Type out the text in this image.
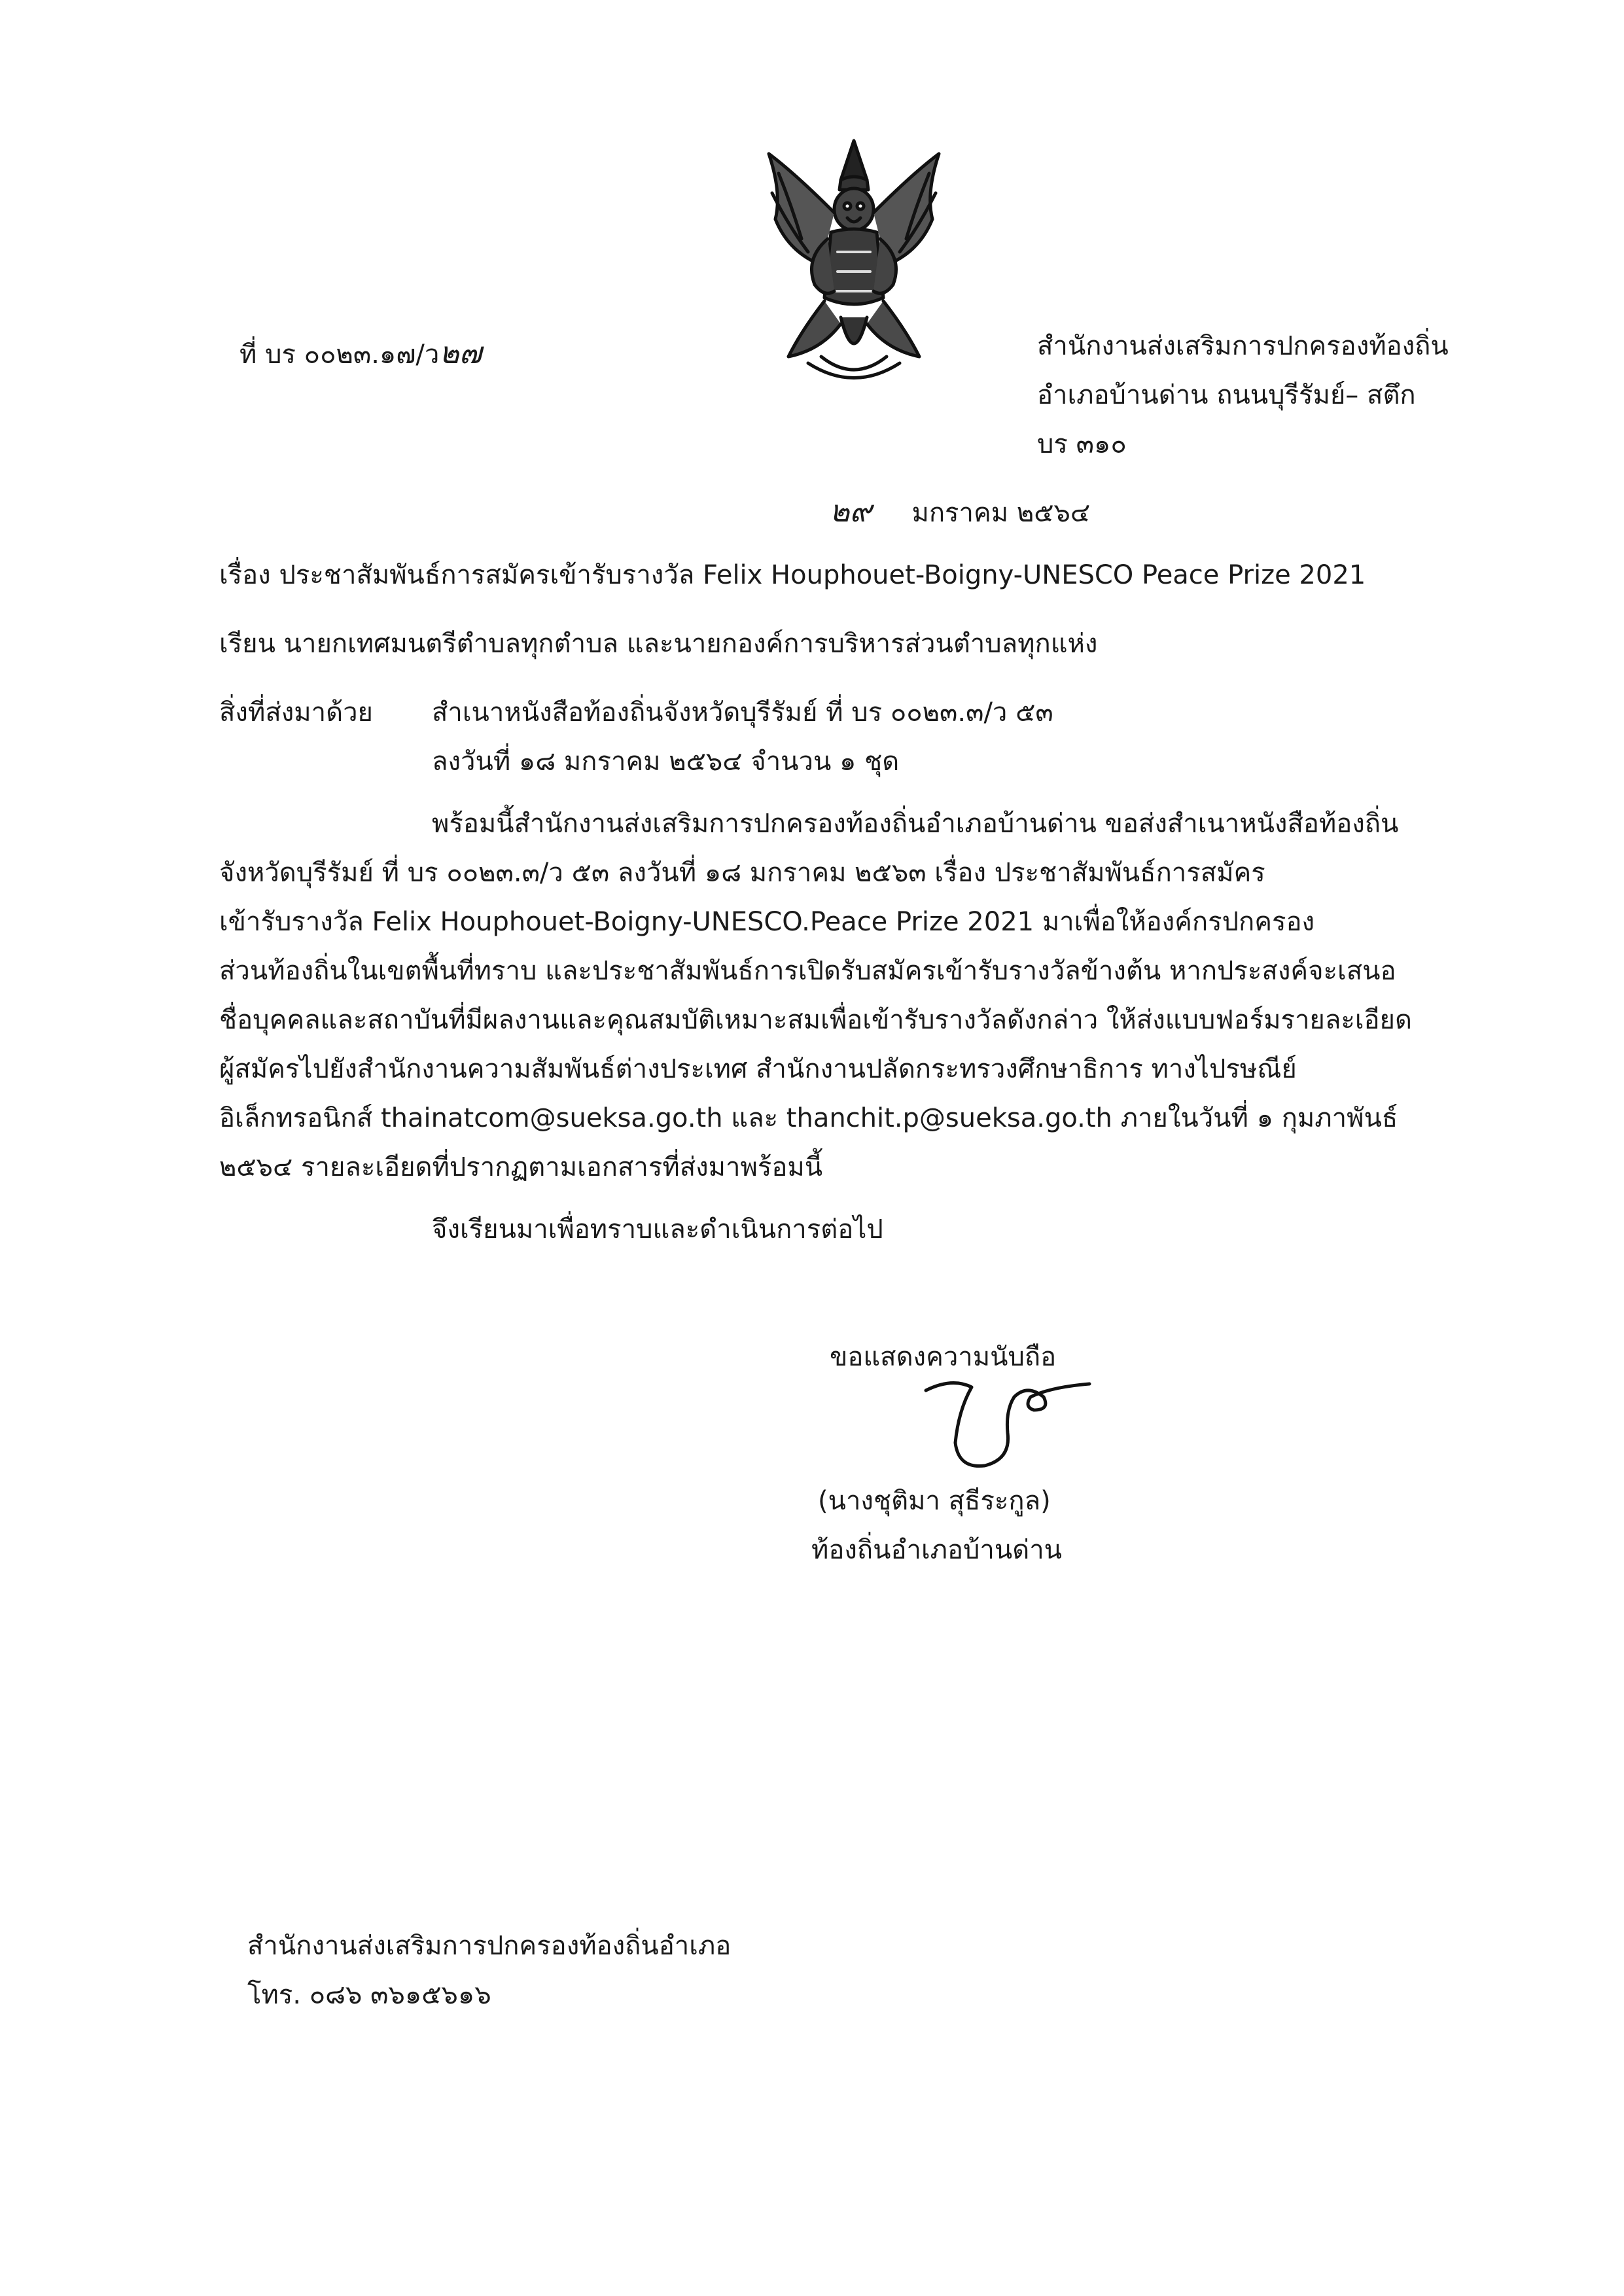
ที่ บร ๐๐๒๓.๑๗/ว๒๗	สำนักงานส่งเสริมการปกครองท้องถิ่น
อำเภอบ้านด่าน ถนนบุรีรัมย์– สตึก
บร ๓๑๐
๒๙ มกราคม ๒๕๖๔
เรื่อง ประชาสัมพันธ์การสมัครเข้ารับรางวัล Felix Houphouet-Boigny-UNESCO Peace Prize 2021
เรียน นายกเทศมนตรีตำบลทุกตำบล และนายกองค์การบริหารส่วนตำบลทุกแห่ง
สิ่งที่ส่งมาด้วย สำเนาหนังสือท้องถิ่นจังหวัดบุรีรัมย์ ที่ บร ๐๐๒๓.๓/ว ๕๓
ลงวันที่ ๑๘ มกราคม ๒๕๖๔ จำนวน ๑ ชุด
พร้อมนี้สำนักงานส่งเสริมการปกครองท้องถิ่นอำเภอบ้านด่าน ขอส่งสำเนาหนังสือท้องถิ่น
จังหวัดบุรีรัมย์ ที่ บร ๐๐๒๓.๓/ว ๕๓ ลงวันที่ ๑๘ มกราคม ๒๕๖๓ เรื่อง ประชาสัมพันธ์การสมัคร
เข้ารับรางวัล Felix Houphouet-Boigny-UNESCO.Peace Prize 2021 มาเพื่อให้องค์กรปกครอง
ส่วนท้องถิ่นในเขตพื้นที่ทราบ และประชาสัมพันธ์การเปิดรับสมัครเข้ารับรางวัลข้างต้น หากประสงค์จะเสนอ
ชื่อบุคคลและสถาบันที่มีผลงานและคุณสมบัติเหมาะสมเพื่อเข้ารับรางวัลดังกล่าว ให้ส่งแบบฟอร์มรายละเอียด
ผู้สมัครไปยังสำนักงานความสัมพันธ์ต่างประเทศ สำนักงานปลัดกระทรวงศึกษาธิการ ทางไปรษณีย์
อิเล็กทรอนิกส์ thainatcom@sueksa.go.th และ thanchit.p@sueksa.go.th ภายในวันที่ ๑ กุมภาพันธ์
๒๕๖๔ รายละเอียดที่ปรากฏตามเอกสารที่ส่งมาพร้อมนี้
จึงเรียนมาเพื่อทราบและดำเนินการต่อไป
ขอแสดงความนับถือ
(นางชุติมา สุธีระกูล)
ท้องถิ่นอำเภอบ้านด่าน
สำนักงานส่งเสริมการปกครองท้องถิ่นอำเภอ
โทร. ๐๘๖ ๓๖๑๕๖๑๖
